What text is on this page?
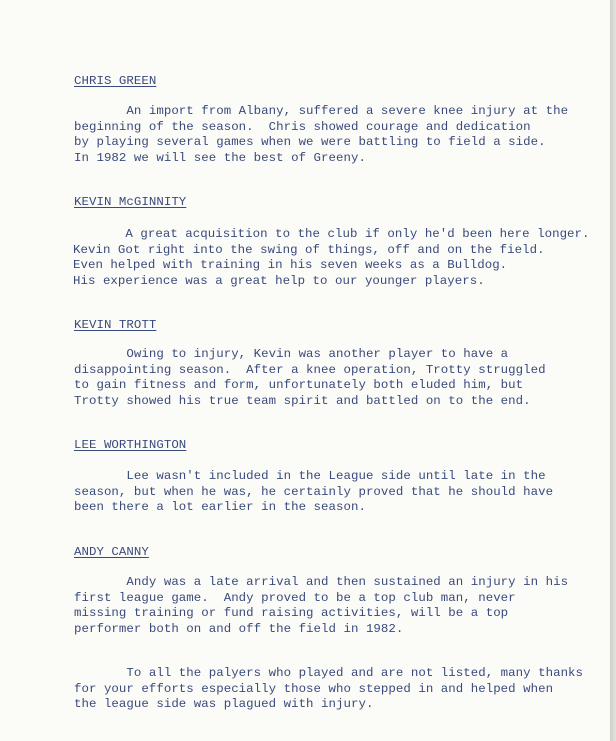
CHRIS GREEN
An import from Albany, suffered a severe knee injury at the
beginning of the season.  Chris showed courage and dedication
by playing several games when we were battling to field a side.
In 1982 we will see the best of Greeny.
KEVIN McGINNITY
A great acquisition to the club if only he'd been here longer.
Kevin Got right into the swing of things, off and on the field.
Even helped with training in his seven weeks as a Bulldog.
His experience was a great help to our younger players.
KEVIN TROTT
Owing to injury, Kevin was another player to have a
disappointing season.  After a knee operation, Trotty struggled
to gain fitness and form, unfortunately both eluded him, but
Trotty showed his true team spirit and battled on to the end.
LEE WORTHINGTON
Lee wasn't included in the League side until late in the
season, but when he was, he certainly proved that he should have
been there a lot earlier in the season.
ANDY CANNY
Andy was a late arrival and then sustained an injury in his
first league game.  Andy proved to be a top club man, never
missing training or fund raising activities, will be a top
performer both on and off the field in 1982.
To all the palyers who played and are not listed, many thanks
for your efforts especially those who stepped in and helped when
the league side was plagued with injury.
